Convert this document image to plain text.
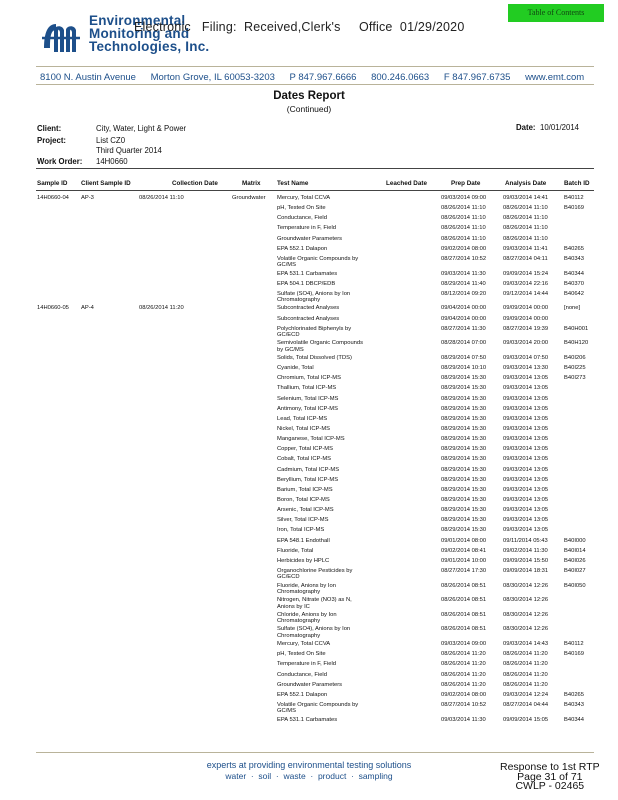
Environmental
Monitoring and
Technologies, Inc.
Electronic   Filing:  Received,Clerk's     Office  01/29/2020
Table of Contents
8100 N. Austin Avenue Morton Grove, IL 60053-3203 P 847.967.6666 800.246.0663 F 847.967.6735 www.emt.com
Dates Report
(Continued)
Client:	City, Water, Light & Power	Date: 10/01/2014
Project:	List CZ0
Third Quarter 2014
Work Order: 14H0660
Sample ID Client Sample ID	Collection Date	Matrix	Test Name	Leached Date	Prep Date	Analysis Date	Batch ID
14H0660-04 AP-3	08/26/2014 11:10	Groundwater Mercury, Total CCVA	09/03/2014 09:00	09/03/2014 14:41	B40112
pH, Tested On Site	08/26/2014 11:10	08/26/2014 11:10	B40169
Conductance, Field	08/26/2014 11:10	08/26/2014 11:10
Temperature in F, Field	08/26/2014 11:10	08/26/2014 11:10
Groundwater Parameters	08/26/2014 11:10	08/26/2014 11:10
EPA 552.1 Dalapon	09/02/2014 08:00	09/03/2014 11:41	B40265
Volatile Organic Compounds by GC/MS
08/27/2014 10:52	08/27/2014 04:11	B40343
EPA 531.1 Carbamates	09/03/2014 11:30	09/09/2014 15:24	B40344
EPA 504.1 DBCP/EDB	08/29/2014 11:40	09/03/2014 22:16	B40370
Sulfate (SO4), Anions by Ion Chromatography
08/12/2014 09:20	09/12/2014 14:44	B40642
14H0660-05 AP-4	08/26/2014 11:20	Subcontracted Analyses	09/04/2014 00:00	09/09/2014 00:00	[none]
Subcontracted Analyses	09/04/2014 00:00	09/09/2014 00:00
Polychlorinated Biphenyls by GC/ECD
08/27/2014 11:30	08/27/2014 19:39	B40H001
Semivolatile Organic Compounds by GC/MS
08/28/2014 07:00	09/03/2014 20:00	B40H120
Solids, Total Dissolved (TDS)	08/29/2014 07:50	09/03/2014 07:50	B40I206
Cyanide, Total	08/29/2014 10:10	09/03/2014 13:30	B40I225
Chromium, Total ICP-MS	08/29/2014 15:30	09/03/2014 13:05	B40I273
Thallium, Total ICP-MS	08/29/2014 15:30	09/03/2014 13:05
Selenium, Total ICP-MS	08/29/2014 15:30	09/03/2014 13:05
Antimony, Total ICP-MS	08/29/2014 15:30	09/03/2014 13:05
Lead, Total ICP-MS	08/29/2014 15:30	09/03/2014 13:05
Nickel, Total ICP-MS	08/29/2014 15:30	09/03/2014 13:05
Manganese, Total ICP-MS	08/29/2014 15:30	09/03/2014 13:05
Copper, Total ICP-MS	08/29/2014 15:30	09/03/2014 13:05
Cobalt, Total ICP-MS	08/29/2014 15:30	09/03/2014 13:05
Cadmium, Total ICP-MS	08/29/2014 15:30	09/03/2014 13:05
Beryllium, Total ICP-MS	08/29/2014 15:30	09/03/2014 13:05
Barium, Total ICP-MS	08/29/2014 15:30	09/03/2014 13:05
Boron, Total ICP-MS	08/29/2014 15:30	09/03/2014 13:05
Arsenic, Total ICP-MS	08/29/2014 15:30	09/03/2014 13:05
Silver, Total ICP-MS	08/29/2014 15:30	09/03/2014 13:05
Iron, Total ICP-MS	08/29/2014 15:30	09/03/2014 13:05
EPA 548.1 Endothall	09/01/2014 08:00	09/11/2014 05:43	B40I000
Fluoride, Total	09/02/2014 08:41	09/02/2014 11:30	B40I014
Herbicides by HPLC	09/01/2014 10:00	09/09/2014 15:50	B40I026
Organochlorine Pesticides by GC/ECD
08/27/2014 17:30	09/09/2014 18:31	B40I027
Fluoride, Anions by Ion Chromatography
08/26/2014 08:51	08/30/2014 12:26	B40I050
Nitrogen, Nitrate (NO3) as N, Anions by IC
08/26/2014 08:51	08/30/2014 12:26
Chloride, Anions by Ion Chromatography
08/26/2014 08:51	08/30/2014 12:26
Sulfate (SO4), Anions by Ion Chromatography
08/26/2014 08:51	08/30/2014 12:26
Mercury, Total CCVA	09/03/2014 09:00	09/03/2014 14:43	B40112
pH, Tested On Site	08/26/2014 11:20	08/26/2014 11:20	B40169
Temperature in F, Field	08/26/2014 11:20	08/26/2014 11:20
Conductance, Field	08/26/2014 11:20	08/26/2014 11:20
Groundwater Parameters	08/26/2014 11:20	08/26/2014 11:20
EPA 552.1 Dalapon	09/02/2014 08:00	09/03/2014 12:24	B40265
Volatile Organic Compounds by GC/MS
08/27/2014 10:52	08/27/2014 04:44	B40343
EPA 531.1 Carbamates	09/03/2014 11:30	09/09/2014 15:05	B40344
experts at providing environmental testing solutions
water  ·  soil  ·  waste  ·  product  ·  sampling
Response to 1st RTP
Page 31 of 71
CWLP - 02465
